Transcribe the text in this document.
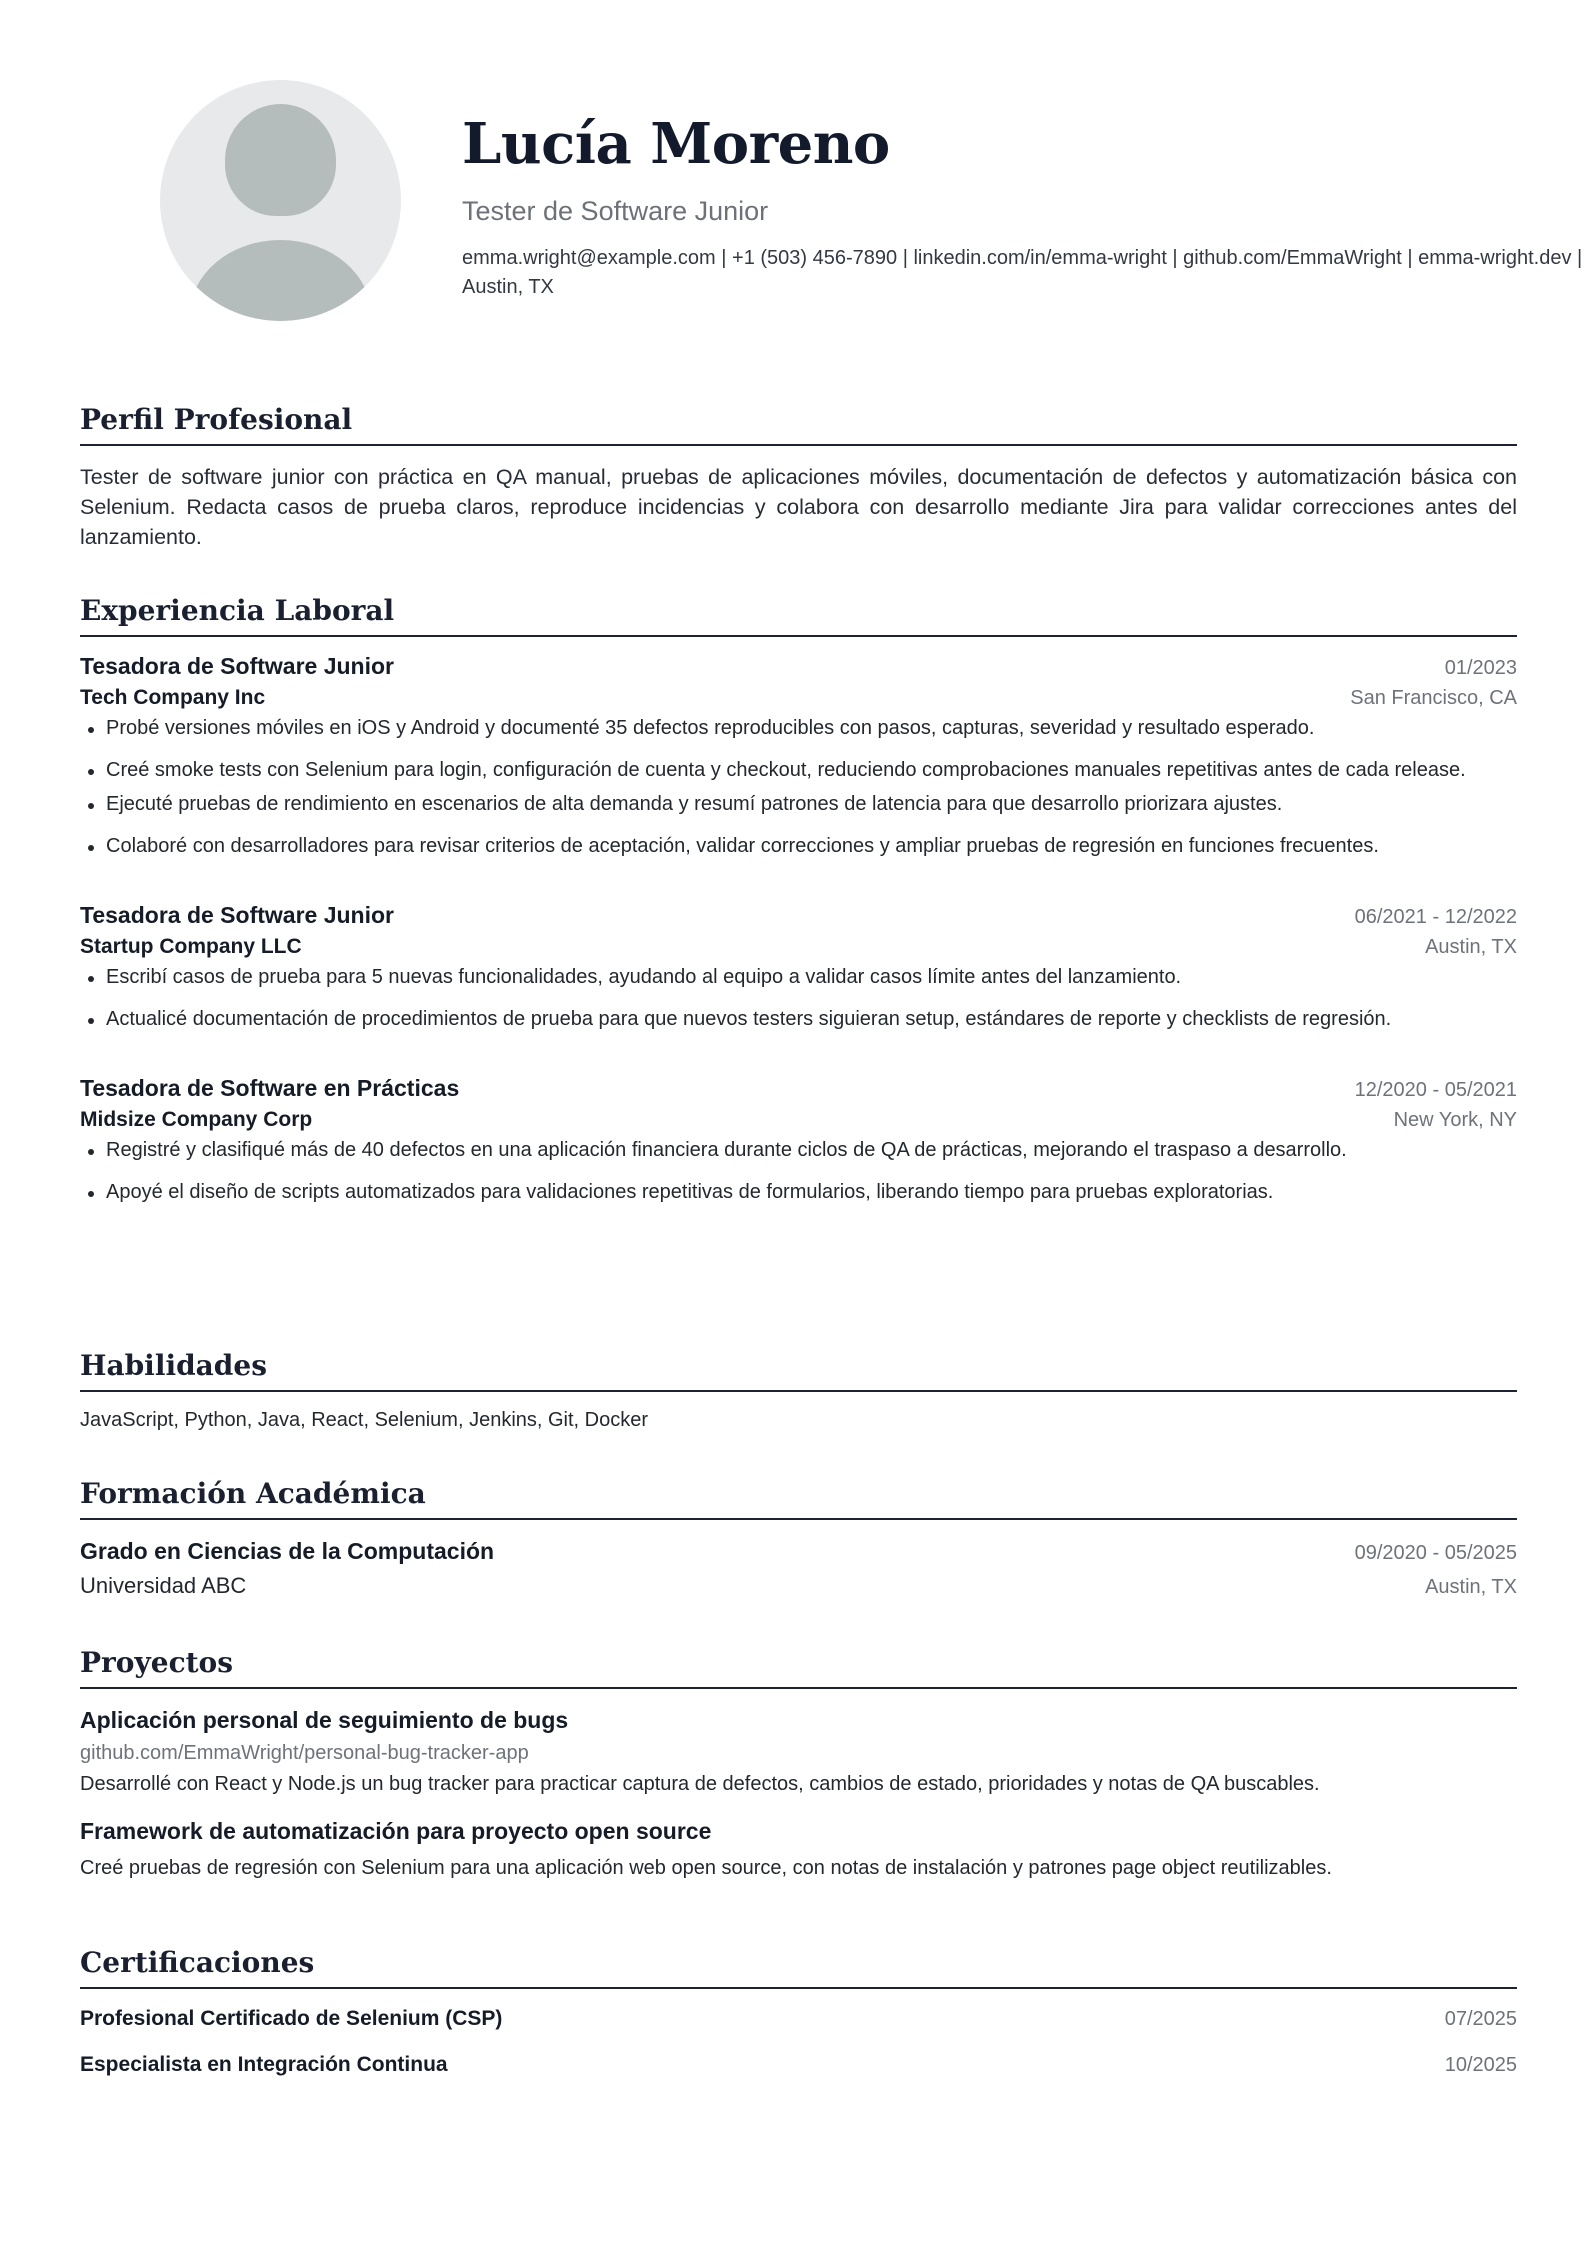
Lucía Moreno
Tester de Software Junior
emma.wright@example.com | +1 (503) 456-7890 | linkedin.com/in/emma-wright | github.com/EmmaWright | emma-wright.dev | Austin, TX
Perfil Profesional
Tester de software junior con práctica en QA manual, pruebas de aplicaciones móviles, documentación de defectos y automatización básica con Selenium. Redacta casos de prueba claros, reproduce incidencias y colabora con desarrollo mediante Jira para validar correcciones antes del lanzamiento.
Experiencia Laboral
Tesadora de Software Junior	01/2023
Tech Company Inc	San Francisco, CA
Probé versiones móviles en iOS y Android y documenté 35 defectos reproducibles con pasos, capturas, severidad y resultado esperado.
Creé smoke tests con Selenium para login, configuración de cuenta y checkout, reduciendo comprobaciones manuales repetitivas antes de cada release.
Ejecuté pruebas de rendimiento en escenarios de alta demanda y resumí patrones de latencia para que desarrollo priorizara ajustes.
Colaboré con desarrolladores para revisar criterios de aceptación, validar correcciones y ampliar pruebas de regresión en funciones frecuentes.
Tesadora de Software Junior	06/2021 - 12/2022
Startup Company LLC	Austin, TX
Escribí casos de prueba para 5 nuevas funcionalidades, ayudando al equipo a validar casos límite antes del lanzamiento.
Actualicé documentación de procedimientos de prueba para que nuevos testers siguieran setup, estándares de reporte y checklists de regresión.
Tesadora de Software en Prácticas	12/2020 - 05/2021
Midsize Company Corp	New York, NY
Registré y clasifiqué más de 40 defectos en una aplicación financiera durante ciclos de QA de prácticas, mejorando el traspaso a desarrollo.
Apoyé el diseño de scripts automatizados para validaciones repetitivas de formularios, liberando tiempo para pruebas exploratorias.
Habilidades
JavaScript, Python, Java, React, Selenium, Jenkins, Git, Docker
Formación Académica
Grado en Ciencias de la Computación	09/2020 - 05/2025
Universidad ABC	Austin, TX
Proyectos
Aplicación personal de seguimiento de bugs
github.com/EmmaWright/personal-bug-tracker-app
Desarrollé con React y Node.js un bug tracker para practicar captura de defectos, cambios de estado, prioridades y notas de QA buscables.
Framework de automatización para proyecto open source
Creé pruebas de regresión con Selenium para una aplicación web open source, con notas de instalación y patrones page object reutilizables.
Certificaciones
Profesional Certificado de Selenium (CSP)	07/2025
Especialista en Integración Continua	10/2025
